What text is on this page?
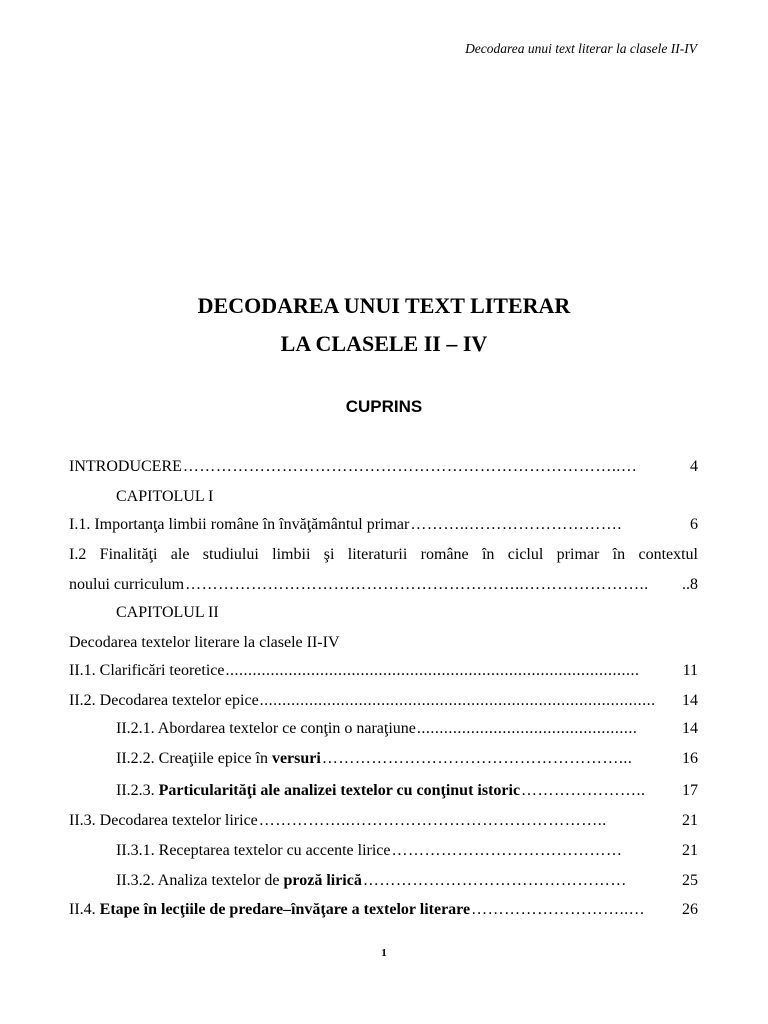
Decodarea unui text literar la clasele II-IV
DECODAREA UNUI TEXT LITERAR
LA CLASELE II – IV
CUPRINS
INTRODUCERE ……………………………………………………………………..…	4
CAPITOLUL I
I.1. Importanţa limbii române în învăţământul primar ………..……………………….	6
I.2 Finalităţi ale studiului limbii şi literaturii române în ciclul primar în contextul
noului curriculum ……………………………………………………..…………………..	..8
CAPITOLUL II
Decodarea textelor literare la clasele II-IV
II.1. Clarificări teoretice ............................................................................................	11
II.2. Decodarea textelor epice ........................................................................................	14
II.2.1. Abordarea textelor ce conţin o naraţiune .................................................	14
II.2.2. Creaţiile epice în versuri ………………………………………………...	16
II.2.3. Particularităţi ale analizei textelor cu conţinut istoric …………………..	17
II.3. Decodarea textelor lirice ……………..………………………………………..	21
II.3.1. Receptarea textelor cu accente lirice ……………………………………	21
II.3.2. Analiza textelor de proză lirică …………………………………………	25
II.4. Etape în lecţiile de predare–învăţare a textelor literare ………………………..…	26
1
